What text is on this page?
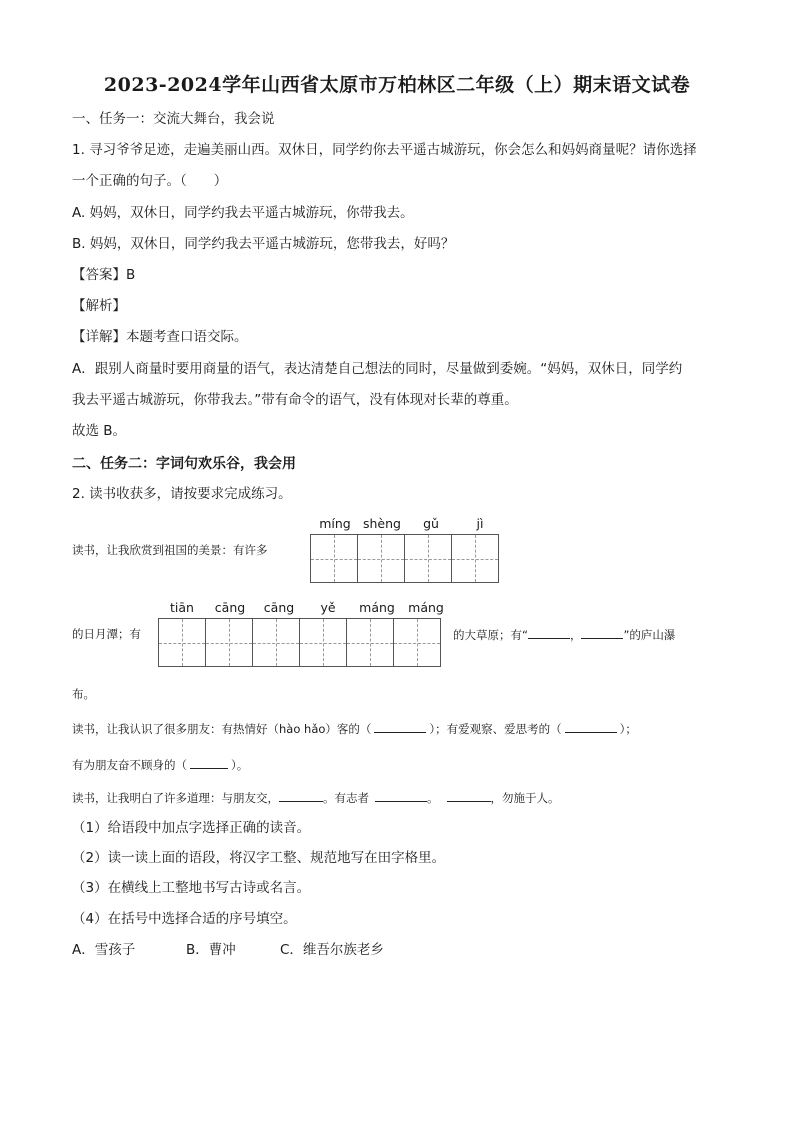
2023-2024学年山西省太原市万柏林区二年级（上）期末语文试卷
一、任务一：交流大舞台，我会说
1. 寻习爷爷足迹，走遍美丽山西。双休日，同学约你去平遥古城游玩，你会怎么和妈妈商量呢？请你选择
一个正确的句子。（　　）
A. 妈妈，双休日，同学约我去平遥古城游玩，你带我去。
B. 妈妈，双休日，同学约我去平遥古城游玩，您带我去，好吗？
【答案】B
【解析】
【详解】本题考查口语交际。
A．跟别人商量时要用商量的语气，表达清楚自己想法的同时，尽量做到委婉。“妈妈，双休日，同学约
我去平遥古城游玩，你带我去。”带有命令的语气，没有体现对长辈的尊重。
故选 B。
二、任务二：字词句欢乐谷，我会用
2. 读书收获多，请按要求完成练习。
míng shèng	gǔ	jì
读书，让我欣赏到祖国的美景：有许多
tiān	cāng	cāng	yě	máng	máng
的日月潭；有	的大草原；有“	，	”的庐山瀑
布。
读书，让我认识了很多朋友：有热情好（hào hǎo）客的（	）；有爱观察、爱思考的（	）；
有为朋友奋不顾身的（	）。
读书，让我明白了许多道理：与朋友交，	。有志者	。	，勿施于人。
（1）给语段中加点字选择正确的读音。
（2）读一读上面的语段，将汉字工整、规范地写在田字格里。
（3）在横线上工整地书写古诗或名言。
（4）在括号中选择合适的序号填空。
A．雪孩子	B．曹冲	C．维吾尔族老乡
